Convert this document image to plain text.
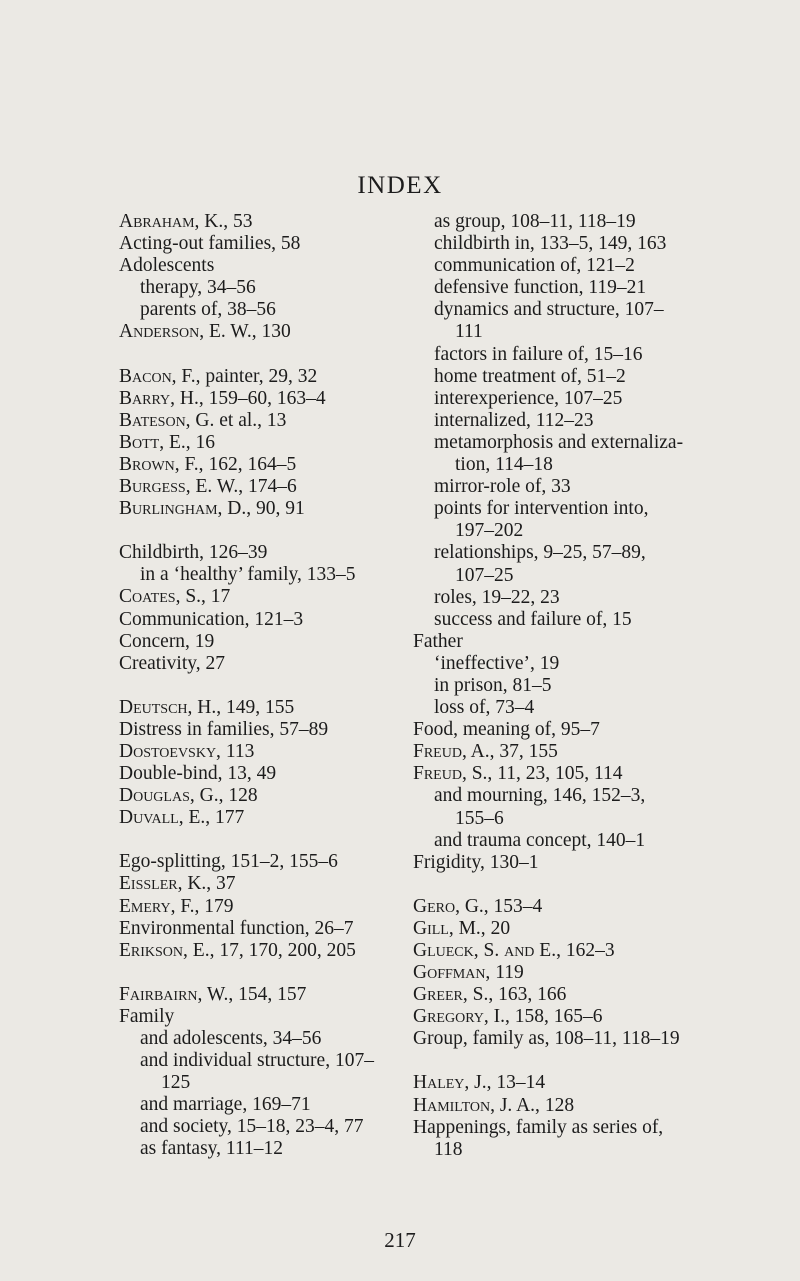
INDEX
Abraham, K., 53
Acting-out families, 58
Adolescents
therapy, 34–56
parents of, 38–56
Anderson, E. W., 130
Bacon, F., painter, 29, 32
Barry, H., 159–60, 163–4
Bateson, G. et al., 13
Bott, E., 16
Brown, F., 162, 164–5
Burgess, E. W., 174–6
Burlingham, D., 90, 91
Childbirth, 126–39
in a ‘healthy’ family, 133–5
Coates, S., 17
Communication, 121–3
Concern, 19
Creativity, 27
Deutsch, H., 149, 155
Distress in families, 57–89
Dostoevsky, 113
Double-bind, 13, 49
Douglas, G., 128
Duvall, E., 177
Ego-splitting, 151–2, 155–6
Eissler, K., 37
Emery, F., 179
Environmental function, 26–7
Erikson, E., 17, 170, 200, 205
Fairbairn, W., 154, 157
Family
and adolescents, 34–56
and individual structure, 107–
125
and marriage, 169–71
and society, 15–18, 23–4, 77
as fantasy, 111–12
as group, 108–11, 118–19
childbirth in, 133–5, 149, 163
communication of, 121–2
defensive function, 119–21
dynamics and structure, 107–
111
factors in failure of, 15–16
home treatment of, 51–2
interexperience, 107–25
internalized, 112–23
metamorphosis and externaliza-
tion, 114–18
mirror-role of, 33
points for intervention into,
197–202
relationships, 9–25, 57–89,
107–25
roles, 19–22, 23
success and failure of, 15
Father
‘ineffective’, 19
in prison, 81–5
loss of, 73–4
Food, meaning of, 95–7
Freud, A., 37, 155
Freud, S., 11, 23, 105, 114
and mourning, 146, 152–3,
155–6
and trauma concept, 140–1
Frigidity, 130–1
Gero, G., 153–4
Gill, M., 20
Glueck, S. and E., 162–3
Goffman, 119
Greer, S., 163, 166
Gregory, I., 158, 165–6
Group, family as, 108–11, 118–19
Haley, J., 13–14
Hamilton, J. A., 128
Happenings, family as series of,
118
217
